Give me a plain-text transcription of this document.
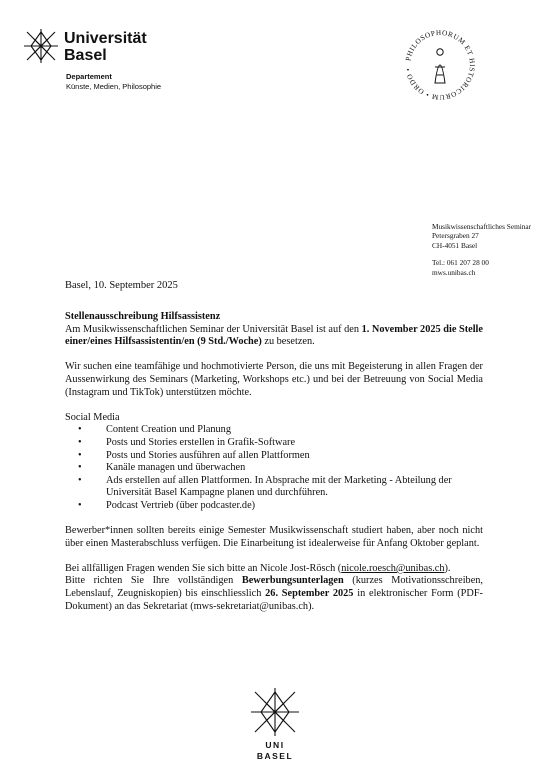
Universität
Basel
Departement
Künste, Medien, Philosophie
PHILOSOPHORUM ET HISTORICORUM • ORDO •
Musikwissenschaftliches Seminar
Petersgraben 27
CH-4051 Basel
Tel.: 061 207 28 00
mws.unibas.ch
Basel, 10. September 2025

Stellenausschreibung Hilfsassistenz

Am Musikwissenschaftlichen Seminar der Universität Basel ist auf den 1. November 2025 die Stelle einer/eines Hilfsassistentin/en (9 Std./Woche) zu besetzen.

Wir suchen eine teamfähige und hochmotivierte Person, die uns mit Begeisterung in allen Fragen der Aussenwirkung des Seminars (Marketing, Workshops etc.) und bei der Betreuung von Social Media (Instagram und TikTok) unterstützen möchte.

Social Media

• Content Creation und Planung
• Posts und Stories erstellen in Grafik-Software
• Posts und Stories ausführen auf allen Plattformen
• Kanäle managen und überwachen
• Ads erstellen auf allen Plattformen. In Absprache mit der Marketing - Abteilung der Universität Basel Kampagne planen und durchführen.
• Podcast Vertrieb (über podcaster.de)

Bewerber*innen sollten bereits einige Semester Musikwissenschaft studiert haben, aber noch nicht über einen Masterabschluss verfügen. Die Einarbeitung ist idealerweise für Anfang Oktober geplant.

Bei allfälligen Fragen wenden Sie sich bitte an Nicole Jost-Rösch (nicole.roesch@unibas.ch).

Bitte richten Sie Ihre vollständigen Bewerbungsunterlagen (kurzes Motivationsschreiben, Lebenslauf, Zeugniskopien) bis einschliesslich 26. September 2025 in elektronischer Form (PDF-Dokument) an das Sekretariat (mws-sekretariat@unibas.ch).

UNI
BASEL
